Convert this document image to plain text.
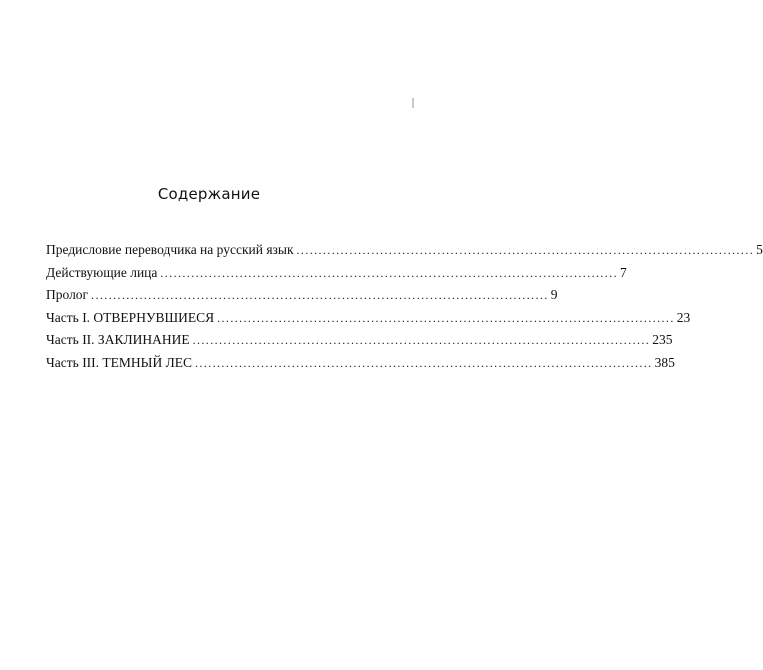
Содержание
Предисловие переводчика на русский язык ........................................................................................................ 5
Действующие лица ........................................................................................................ 7
Пролог ........................................................................................................ 9
Часть I. ОТВЕРНУВШИЕСЯ ........................................................................................................ 23
Часть II. ЗАКЛИНАНИЕ ........................................................................................................ 235
Часть III. ТЕМНЫЙ ЛЕС ........................................................................................................ 385
